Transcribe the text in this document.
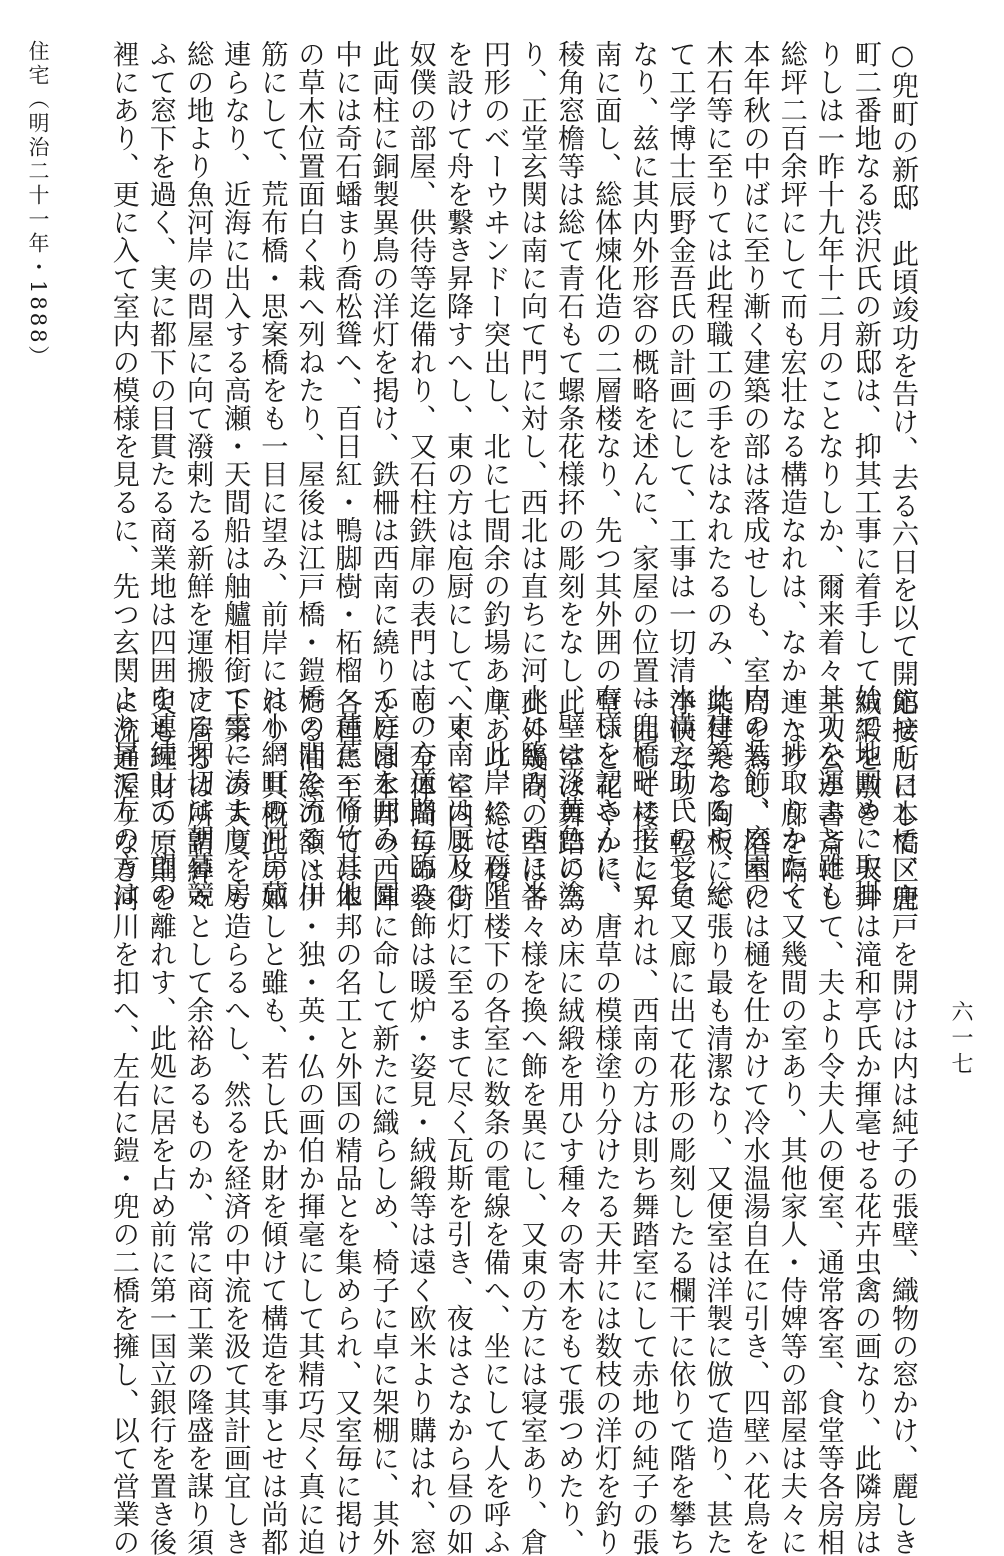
住宅（明治二十一年・1888）
六一七
○兜町の新邸　此頃竣功を告け、去る六日を以て開館せし日本橋区兜
町二番地なる渋沢氏の新邸は、抑其工事に着手して始て地固めに取掛
りしは一昨十九年十二月のことなりしか、爾来着々其功を運ふと雖も
総坪二百余坪にして而も宏壮なる構造なれは、なかヽヽ捗取りかたく
本年秋の中ばに至り漸く建築の部は落成せしも、室内の装飾、庭園の
木石等に至りては此程職工の手をはなれたるのみ、此建築たるや、総
て工学博士辰野金吾氏の計画にして、工事は一切清水満之助氏の受負
なり、兹に其内外形容の概略を述んに、家屋の位置は兜橋畔に接して
南に面し、総体煉化造の二層楼なり、先つ其外囲の有様を記さんに、
稜角窓檐等は総て青石もて螺条花様抔の彫刻をなし、壁は淡黄色に塗
り、正堂玄関は南に向て門に対し、西北は直ちに河水に臨み、西に半
円形のベーウヰンドー突出し、北に七間余の釣場あり、此岸には石階
を設けて舟を繋き昇降すへし、東の方は庖厨にして、東南には厩及ひ
奴僕の部屋、供待等迄備れり、又石柱鉄扉の表門は南の方道路に臨み
此両柱に銅製異鳥の洋灯を掲け、鉄柵は西南に繞りて庭園を囲み、園
中には奇石蟠まり喬松聳へ、百日紅・鴨脚樹・柘榴・芭蕉・脩竹其他
の草木位置面白く栽へ列ねたり、屋後は江戸橋・鎧橋の間を流るヽ川
筋にして、荒布橋・思案橋をも一目に望み、前岸には小網町の河岸蔵
連らなり、近海に出入する高瀬・天間船は舳艫相銜て雯に湊まり、房
総の地より魚河岸の問屋に向て潑剌たる新鮮を運搬する押切は朝暮競
ふて窓下を過く、実に都下の目貫たる商業地は四囲を連続して一望の
裡にあり、更に入て室内の模様を見るに、先つ玄関より昇て左の方は
応接所にして、唐戸を開けは内は純子の張壁、織物の窓かけ、麗しき
絨緞を敷き、天井は滝和亭氏か揮毫せる花卉虫禽の画なり、此隣房は
主人公か書斎にして、夫より令夫人の便室、通常客室、食堂等各房相
連なり、廊を隔て又幾間の室あり、其他家人・侍婢等の部屋は夫々に
局を為し、浴室には樋を仕かけて冷水温湯自在に引き、四壁ハ花鳥を
染付たる陶板にて張り最も清潔なり、又便室は洋製に倣て造り、甚た
浄快なり、転して又廊に出て花形の彫刻したる欄干に依りて階を攀ち
一曲して楼上に昇れは、西南の方は則ち舞踏室にして赤地の純子の張
壁いと花やかに、唐草の模様塗り分けたる天井には数枝の洋灯を釣り
此一室は舞踏の為め床に絨緞を用ひす種々の寄木をもて張つめたり、
此外幾間の室は各々様を換へ飾を異にし、又東の方には寝室あり、倉
庫あり、総て楼上楼下の各室に数条の電線を備へ、坐にして人を呼ふ
へく、室内より街灯に至るまて尽く瓦斯を引き、夜はさなから昼の如
し、全体間毎の装飾は暖炉・姿見・絨緞等は遠く欧米より購はれ、窓
かけは本邦の西陣に命して新たに織らしめ、椅子に卓に架棚に、其外
各種に至りては本邦の名工と外国の精品とを集められ、又室毎に掲け
たる油絵の額は伊・独・英・仏の画伯か揮毫にして其精巧尽く真に迫
れり、其概此の如しと雖も、若し氏か財を傾けて構造を事とせは尚都
下第一の大厦をも造らるへし、然るを経済の中流を汲て其計画宜しき
に居るは所謂綽々として余裕あるものか、常に商工業の隆盛を謀り須
臾も理財の原則を離れす、此処に居を占め前に第一国立銀行を置き後
に流通渥りなき河川を扣へ、左右に鎧・兜の二橋を擁し、以て営業の
